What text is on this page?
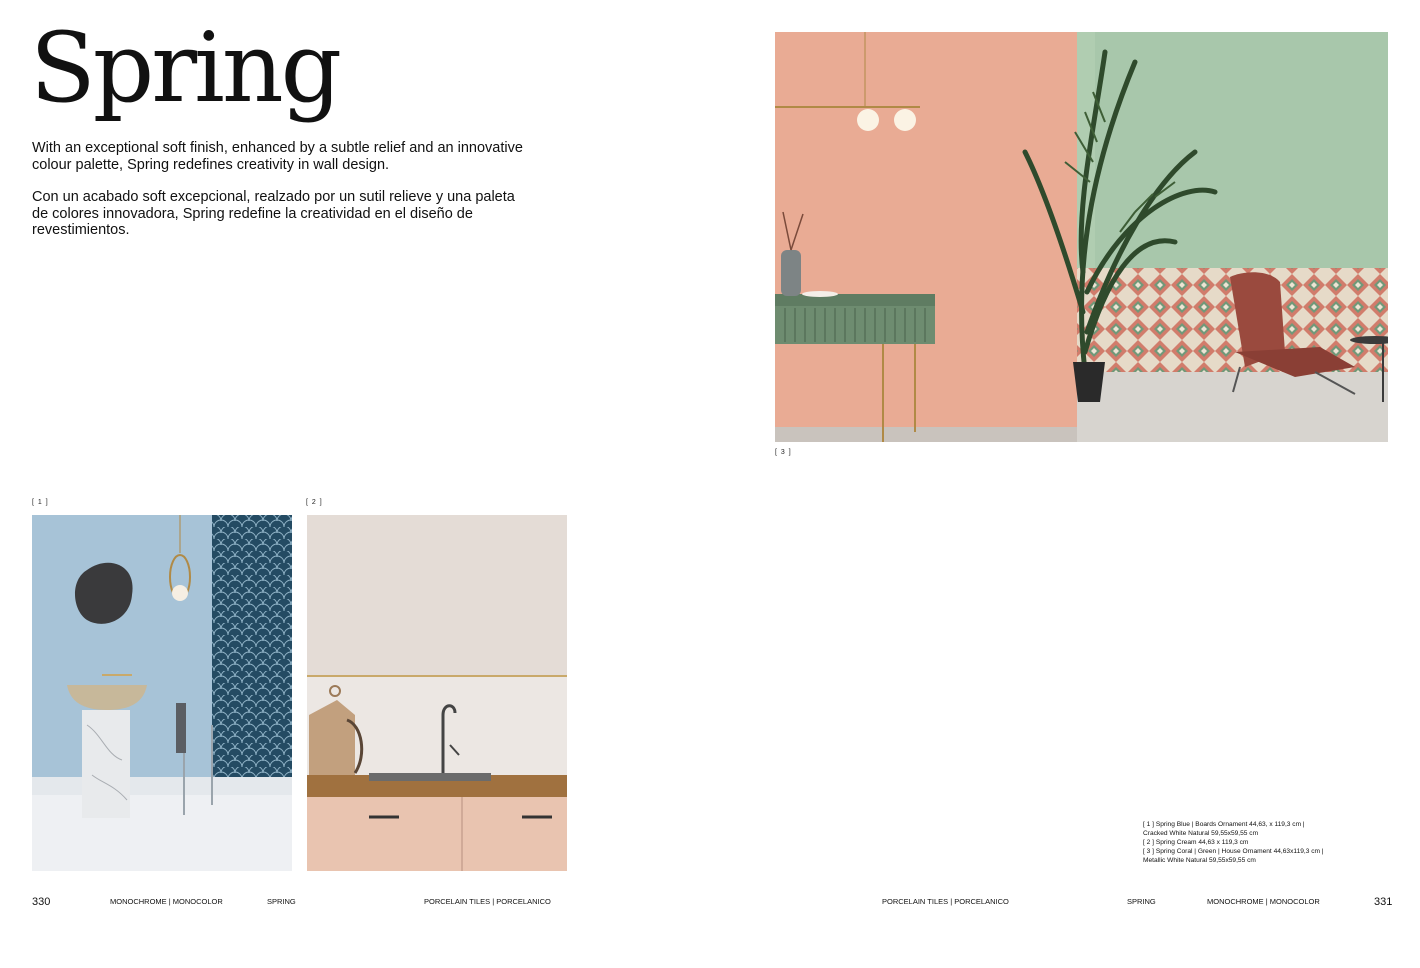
Spring

With an exceptional soft finish, enhanced by a subtle relief and an innovative colour palette, Spring redefines creativity in wall design.

Con un acabado soft excepcional, realzado por un sutil relieve y una paleta de colores innovadora, Spring redefine la creatividad en el diseño de revestimientos.

[ 3 ]
[ 1 ]	[ 2 ]
[ 1 ] Spring Blue | Boards Ornament 44,63, x 119,3 cm |
Cracked White Natural 59,55x59,55 cm
[ 2 ] Spring Cream 44,63 x 119,3 cm
[ 3 ] Spring Coral | Green | House Ornament 44,63x119,3 cm |
Metallic White Natural 59,55x59,55 cm
330	MONOCHROME | MONOCOLOR	SPRING	PORCELAIN TILES | PORCELANICO	PORCELAIN TILES | PORCELANICO	SPRING	MONOCHROME | MONOCOLOR	331
